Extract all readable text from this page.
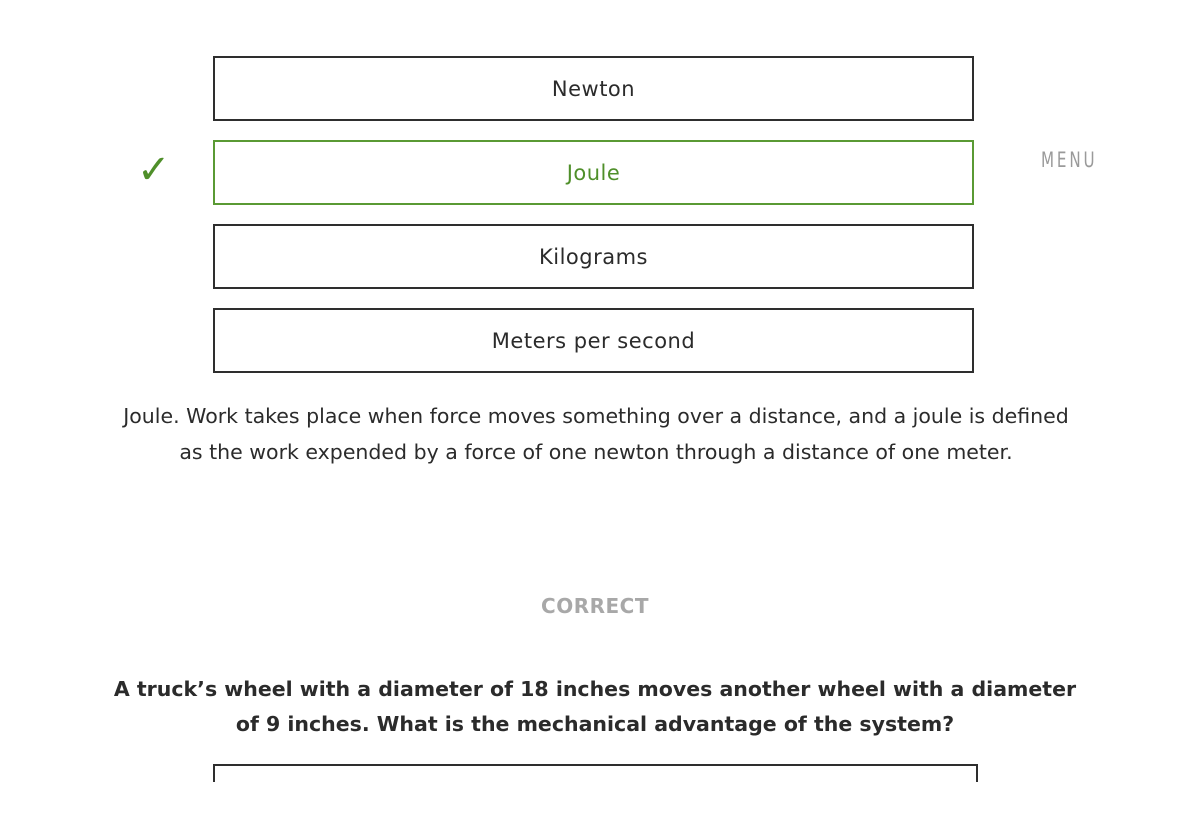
MENU
Newton
✓	Joule
Kilograms
Meters per second
Joule. Work takes place when force moves something over a distance, and a joule is defined as the work expended by a force of one newton through a distance of one meter.
CORRECT
A truck’s wheel with a diameter of 18 inches moves another wheel with a diameter of 9 inches. What is the mechanical advantage of the system?
